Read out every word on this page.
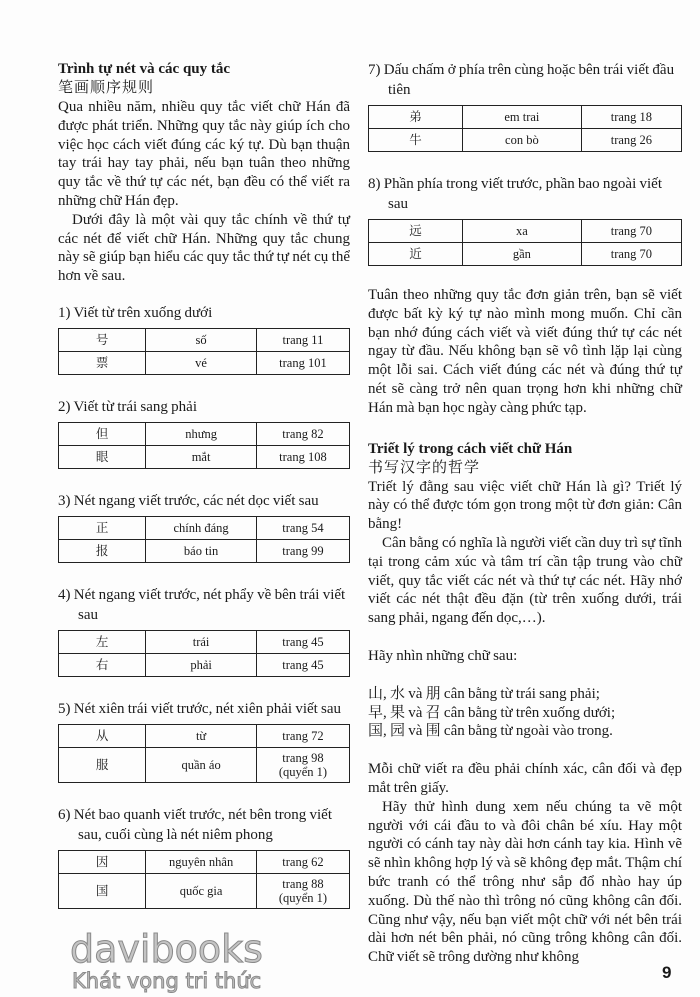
Trình tự nét và các quy tắc
笔画顺序规则

Qua nhiều năm, nhiều quy tắc viết chữ Hán đã được phát triển. Những quy tắc này giúp ích cho việc học cách viết đúng các ký tự. Dù bạn thuận tay trái hay tay phải, nếu bạn tuân theo những quy tắc về thứ tự các nét, bạn đều có thể viết ra những chữ Hán đẹp.

Dưới đây là một vài quy tắc chính về thứ tự các nét để viết chữ Hán. Những quy tắc chung này sẽ giúp bạn hiểu các quy tắc thứ tự nét cụ thể hơn về sau.

1) Viết từ trên xuống dưới
号	số	trang 11
票	vé	trang 101
2) Viết từ trái sang phải
但	nhưng	trang 82
眼	mắt	trang 108
3) Nét ngang viết trước, các nét dọc viết sau
正	chính đáng	trang 54
报	báo tin	trang 99
4) Nét ngang viết trước, nét phẩy về bên trái viết sau
左	trái	trang 45
右	phải	trang 45
5) Nét xiên trái viết trước, nét xiên phải viết sau
从	từ	trang 72
服	quần áo	trang 98 (quyển 1)
6) Nét bao quanh viết trước, nét bên trong viết sau, cuối cùng là nét niêm phong
因	nguyên nhân	trang 62
国	quốc gia	trang 88 (quyển 1)
7) Dấu chấm ở phía trên cùng hoặc bên trái viết đầu tiên
弟	em trai	trang 18
牛	con bò	trang 26
8) Phần phía trong viết trước, phần bao ngoài viết sau
远	xa	trang 70
近	gần	trang 70

Tuân theo những quy tắc đơn giản trên, bạn sẽ viết được bất kỳ ký tự nào mình mong muốn. Chỉ cần bạn nhớ đúng cách viết và viết đúng thứ tự các nét ngay từ đầu. Nếu không bạn sẽ vô tình lặp lại cùng một lỗi sai. Cách viết đúng các nét và đúng thứ tự nét sẽ càng trở nên quan trọng hơn khi những chữ Hán mà bạn học ngày càng phức tạp.

Triết lý trong cách viết chữ Hán
书写汉字的哲学

Triết lý đằng sau việc viết chữ Hán là gì? Triết lý này có thể được tóm gọn trong một từ đơn giản: Cân bằng!

Cân bằng có nghĩa là người viết cần duy trì sự tĩnh tại trong cảm xúc và tâm trí cần tập trung vào chữ viết, quy tắc viết các nét và thứ tự các nét. Hãy nhớ viết các nét thật đều đặn (từ trên xuống dưới, trái sang phải, ngang đến dọc,…).

Hãy nhìn những chữ sau:

山, 水 và 朋 cân bằng từ trái sang phải;

早, 果 và 召 cân bằng từ trên xuống dưới;

国, 园 và 围 cân bằng từ ngoài vào trong.

Mỗi chữ viết ra đều phải chính xác, cân đối và đẹp mắt trên giấy.

Hãy thử hình dung xem nếu chúng ta vẽ một người với cái đầu to và đôi chân bé xíu. Hay một người có cánh tay này dài hơn cánh tay kia. Hình vẽ sẽ nhìn không hợp lý và sẽ không đẹp mắt. Thậm chí bức tranh có thể trông như sắp đổ nhào hay úp xuống. Dù thế nào thì trông nó cũng không cân đối. Cũng như vậy, nếu bạn viết một chữ với nét bên trái dài hơn nét bên phải, nó cũng trông không cân đối. Chữ viết sẽ trông dường như không

davibooks
Khát vọng tri thức	9
